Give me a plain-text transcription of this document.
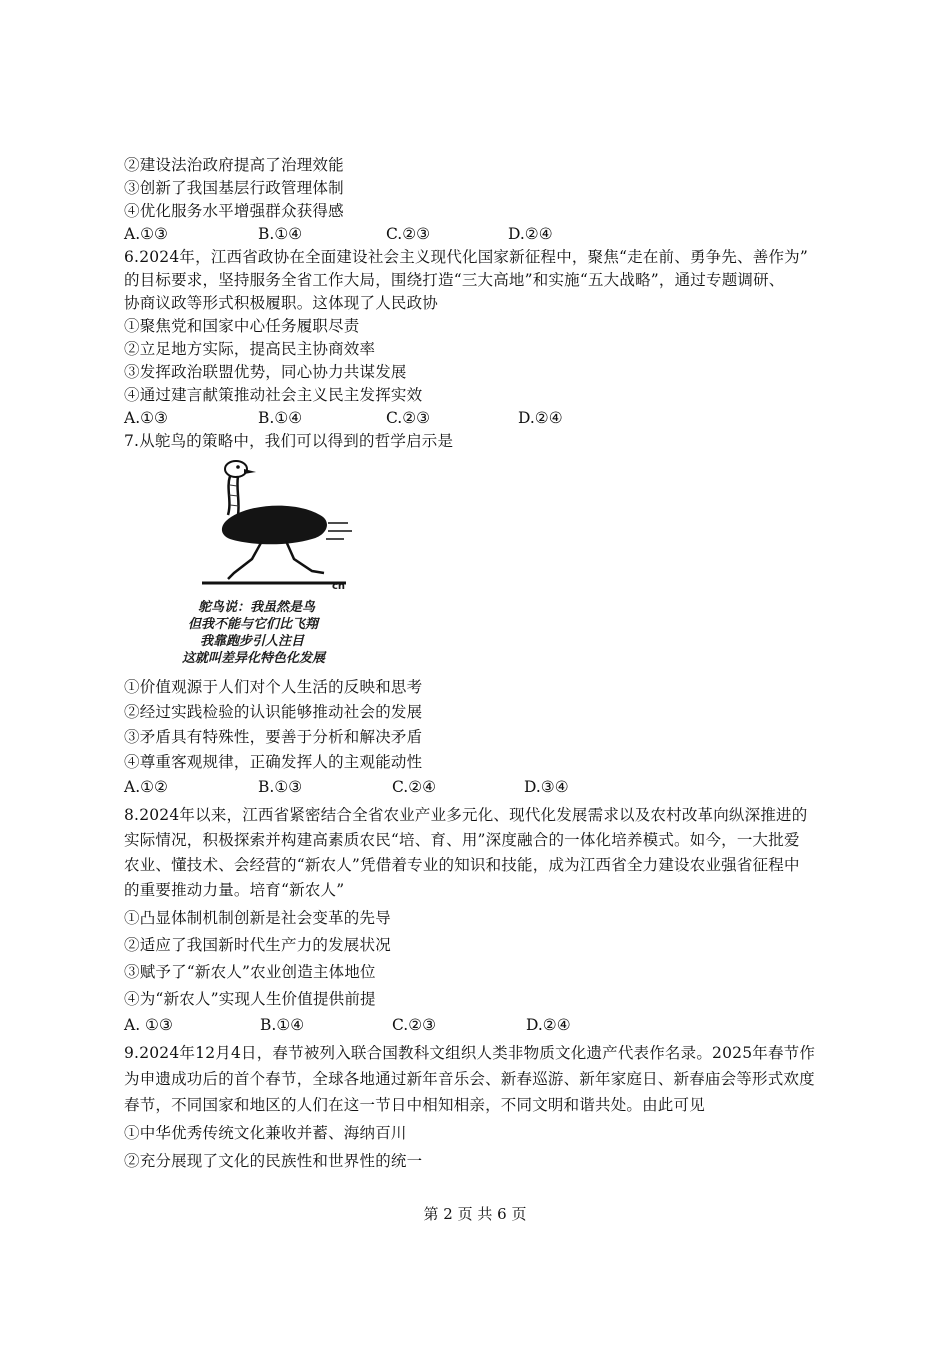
②建设法治政府提高了治理效能
③创新了我国基层行政管理体制
④优化服务水平增强群众获得感
A.①③	B.①④	C.②③	D.②④
6.2024年，江西省政协在全面建设社会主义现代化国家新征程中，聚焦“走在前、勇争先、善作为”
的目标要求，坚持服务全省工作大局，围绕打造“三大高地”和实施“五大战略”，通过专题调研、
协商议政等形式积极履职。这体现了人民政协
①聚焦党和国家中心任务履职尽责
②立足地方实际，提高民主协商效率
③发挥政治联盟优势，同心协力共谋发展
④通过建言献策推动社会主义民主发挥实效
A.①③	B.①④	C.②③	D.②④
7.从鸵鸟的策略中，我们可以得到的哲学启示是
cn
鸵鸟说：我虽然是鸟
但我不能与它们比飞翔
我靠跑步引人注目
这就叫差异化特色化发展
①价值观源于人们对个人生活的反映和思考
②经过实践检验的认识能够推动社会的发展
③矛盾具有特殊性，要善于分析和解决矛盾
④尊重客观规律，正确发挥人的主观能动性
A.①②	B.①③	C.②④	D.③④
8.2024年以来，江西省紧密结合全省农业产业多元化、现代化发展需求以及农村改革向纵深推进的
实际情况，积极探索并构建高素质农民“培、育、用”深度融合的一体化培养模式。如今，一大批爱
农业、懂技术、会经营的“新农人”凭借着专业的知识和技能，成为江西省全力建设农业强省征程中
的重要推动力量。培育“新农人”
①凸显体制机制创新是社会变革的先导
②适应了我国新时代生产力的发展状况
③赋予了“新农人”农业创造主体地位
④为“新农人”实现人生价值提供前提
A. ①③	B.①④	C.②③	D.②④
9.2024年12月4日，春节被列入联合国教科文组织人类非物质文化遗产代表作名录。2025年春节作
为申遗成功后的首个春节，全球各地通过新年音乐会、新春巡游、新年家庭日、新春庙会等形式欢度
春节，不同国家和地区的人们在这一节日中相知相亲，不同文明和谐共处。由此可见
①中华优秀传统文化兼收并蓄、海纳百川
②充分展现了文化的民族性和世界性的统一
第 2 页 共 6 页
